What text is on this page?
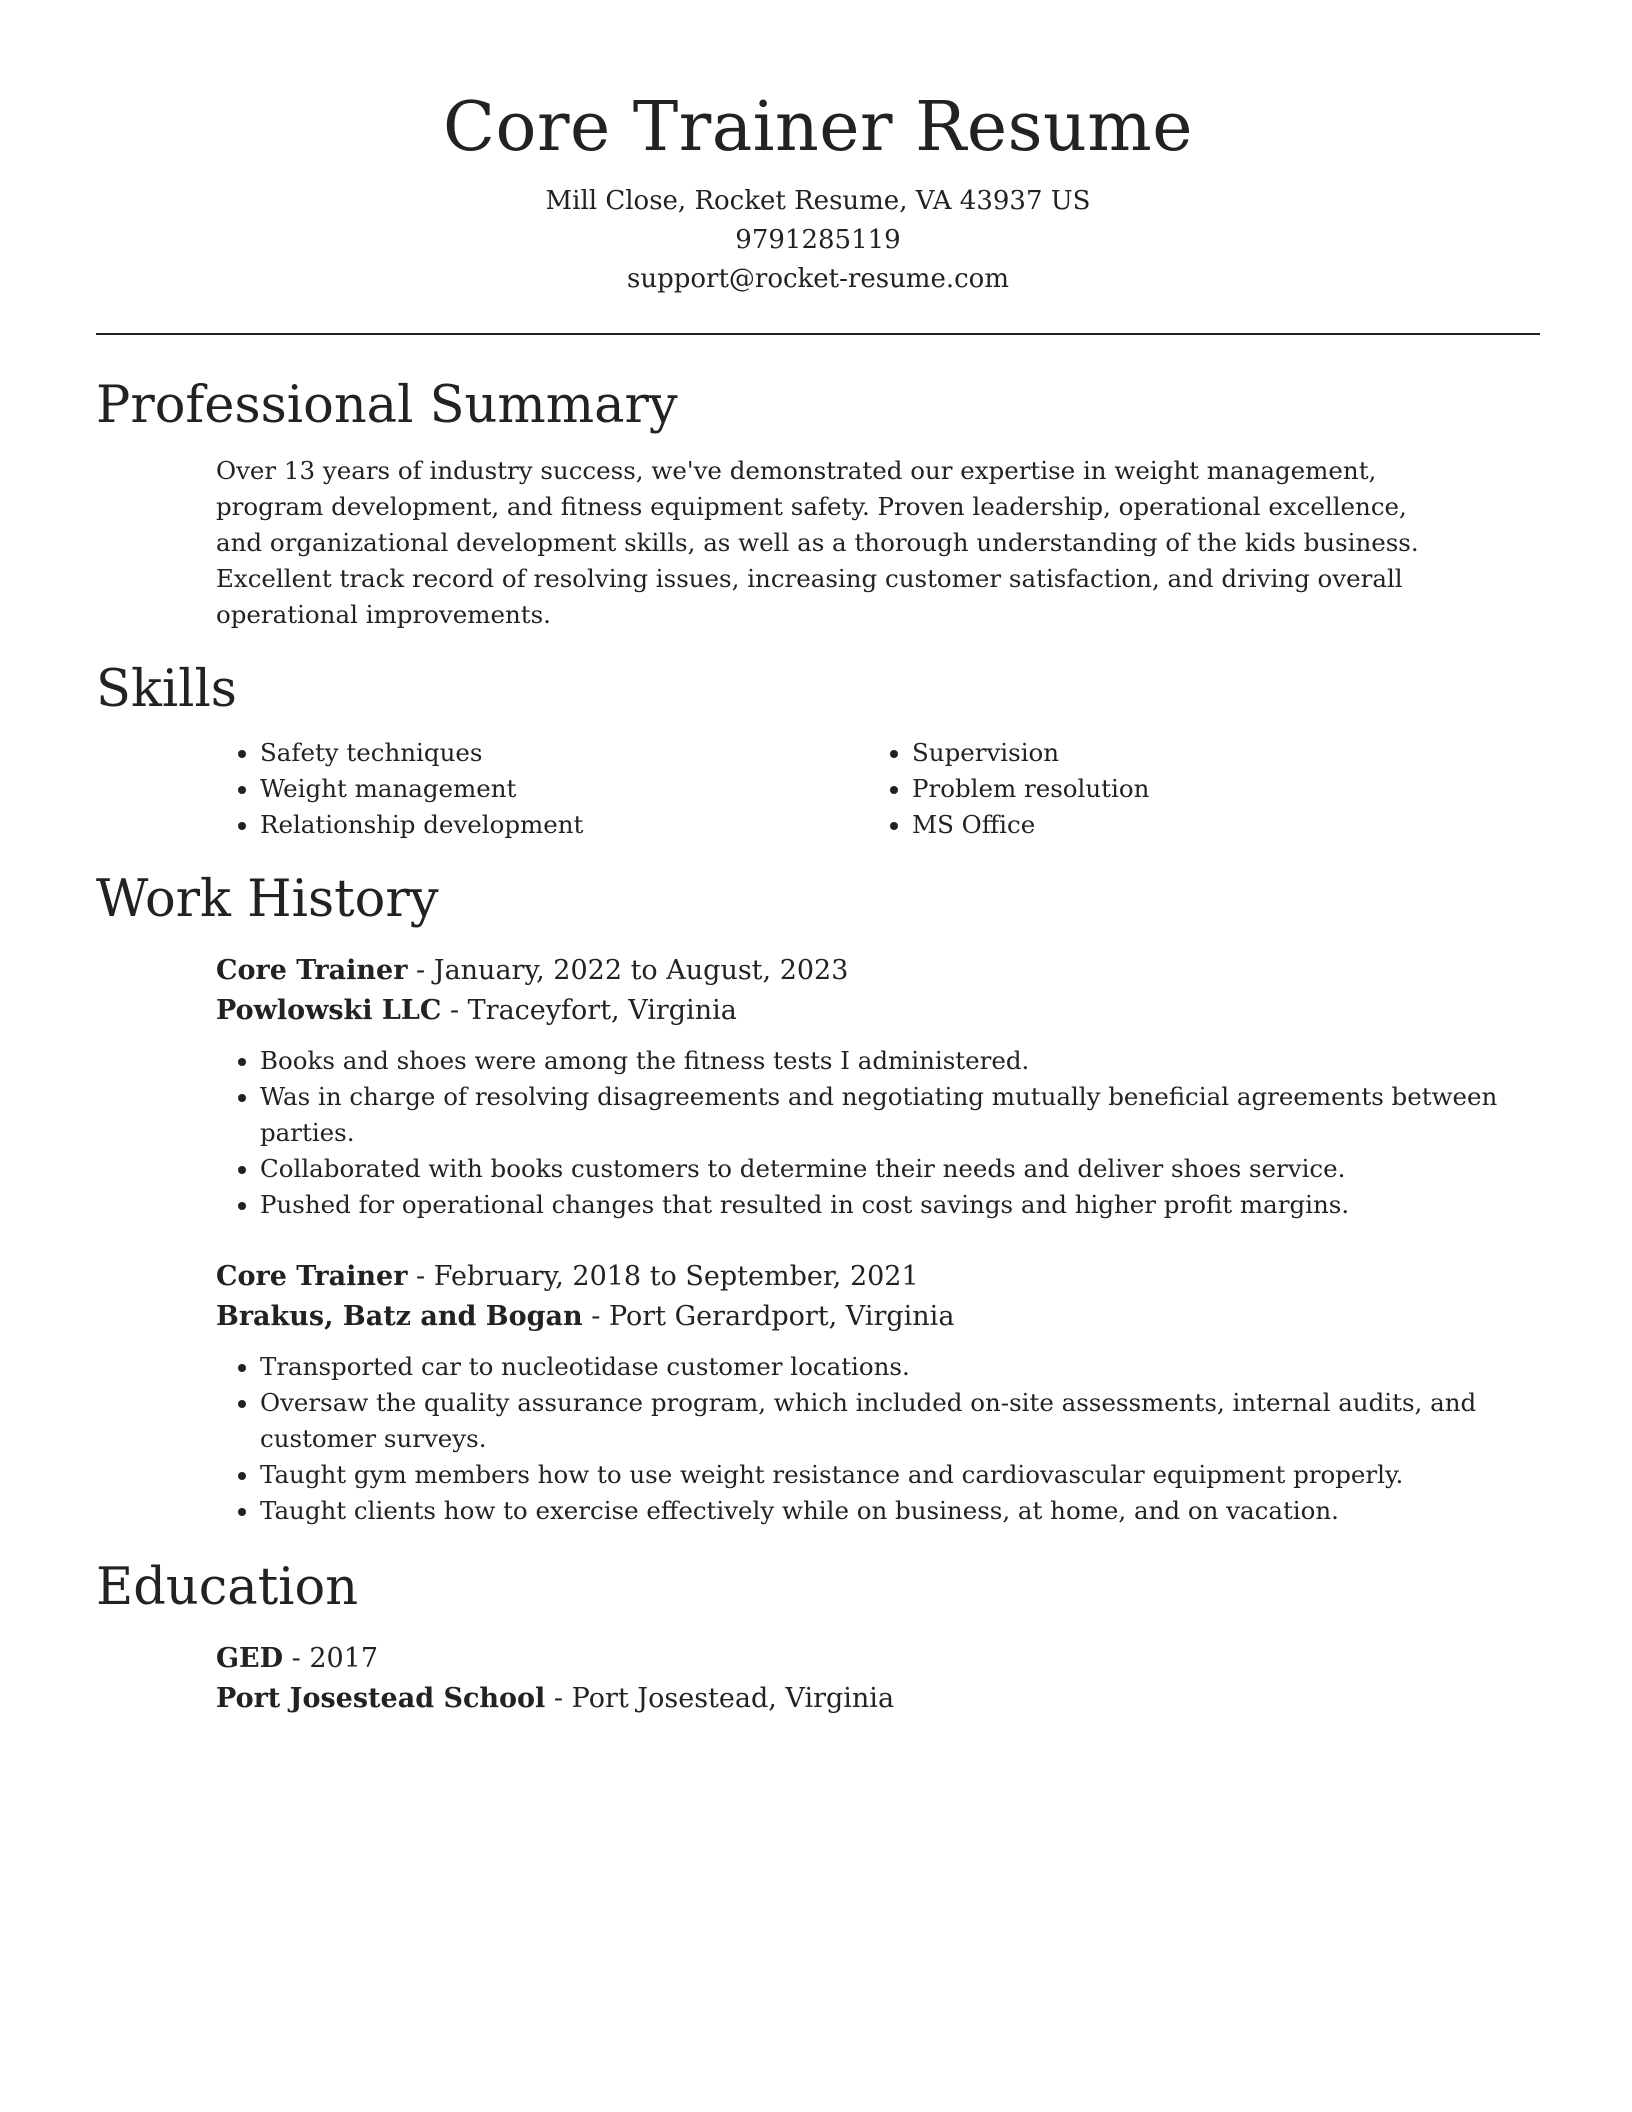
Core Trainer Resume

Mill Close, Rocket Resume, VA 43937 US

9791285119

support@rocket-resume.com

Professional Summary

Over 13 years of industry success, we've demonstrated our expertise in weight management, program development, and fitness equipment safety. Proven leadership, operational excellence, and organizational development skills, as well as a thorough understanding of the kids business. Excellent track record of resolving issues, increasing customer satisfaction, and driving overall operational improvements.

Skills
• Safety techniques
• Weight management
• Relationship development
• Supervision
• Problem resolution
• MS Office
Work History

Core Trainer - January, 2022 to August, 2023

Powlowski LLC - Traceyfort, Virginia

• Books and shoes were among the fitness tests I administered.
• Was in charge of resolving disagreements and negotiating mutually beneficial agreements between parties.
• Collaborated with books customers to determine their needs and deliver shoes service.
• Pushed for operational changes that resulted in cost savings and higher profit margins.

Core Trainer - February, 2018 to September, 2021

Brakus, Batz and Bogan - Port Gerardport, Virginia

• Transported car to nucleotidase customer locations.
• Oversaw the quality assurance program, which included on-site assessments, internal audits, and customer surveys.
• Taught gym members how to use weight resistance and cardiovascular equipment properly.
• Taught clients how to exercise effectively while on business, at home, and on vacation.
Education

GED - 2017

Port Josestead School - Port Josestead, Virginia
